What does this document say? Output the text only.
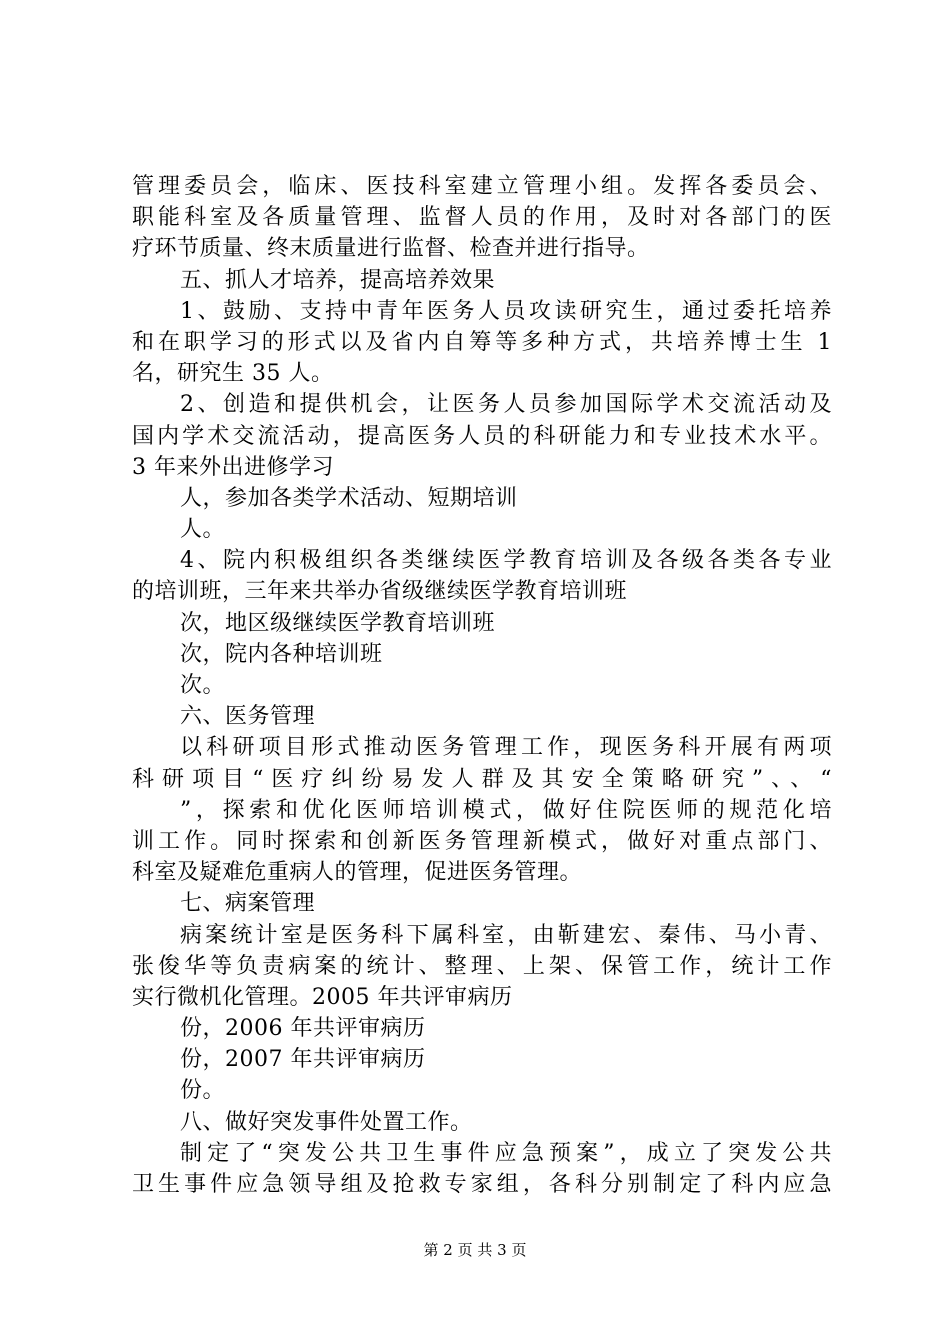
管理委员会，临床、医技科室建立管理小组。发挥各委员会、
职能科室及各质量管理、监督人员的作用，及时对各部门的医
疗环节质量、终末质量进行监督、检查并进行指导。
五、抓人才培养，提高培养效果
1、鼓励、支持中青年医务人员攻读研究生，通过委托培养
和在职学习的形式以及省内自筹等多种方式，共培养博士生 1
名，研究生 35 人。
2、创造和提供机会，让医务人员参加国际学术交流活动及
国内学术交流活动，提高医务人员的科研能力和专业技术水平。
3 年来外出进修学习
人，参加各类学术活动、短期培训
人。
4、院内积极组织各类继续医学教育培训及各级各类各专业
的培训班，三年来共举办省级继续医学教育培训班
次，地区级继续医学教育培训班
次，院内各种培训班
次。
六、医务管理
以科研项目形式推动医务管理工作，现医务科开展有两项
科研项目“医疗纠纷易发人群及其安全策略研究”、、“
”，探索和优化医师培训模式，做好住院医师的规范化培
训工作。同时探索和创新医务管理新模式，做好对重点部门、
科室及疑难危重病人的管理，促进医务管理。
七、病案管理
病案统计室是医务科下属科室，由靳建宏、秦伟、马小青、
张俊华等负责病案的统计、整理、上架、保管工作，统计工作
实行微机化管理。2005 年共评审病历
份，2006 年共评审病历
份，2007 年共评审病历
份。
八、做好突发事件处置工作。
制定了“突发公共卫生事件应急预案”，成立了突发公共
卫生事件应急领导组及抢救专家组，各科分别制定了科内应急
第 2 页 共 3 页
